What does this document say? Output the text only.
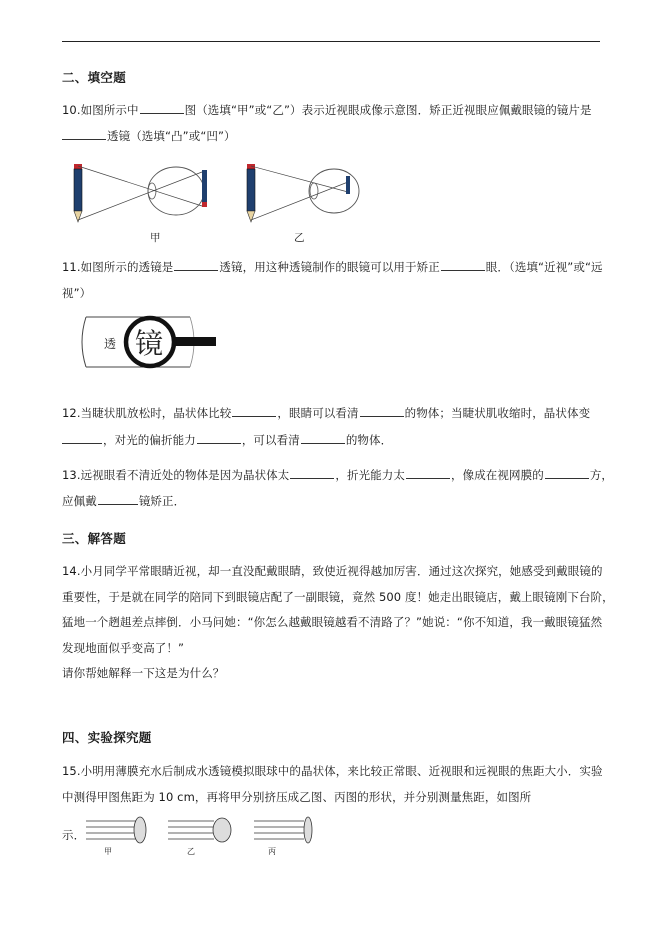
二、填空题
10.如图所示中	图（选填“甲”或“乙”）表示近视眼成像示意图．矫正近视眼应佩戴眼镜的镜片是
透镜（选填“凸”或“凹”）
甲	乙
11.如图所示的透镜是	透镜，用这种透镜制作的眼镜可以用于矫正	眼．（选填“近视”或“远
视”）
透 镜
12.当睫状肌放松时，晶状体比较	，眼睛可以看清	的物体；当睫状肌收缩时，晶状体变
，对光的偏折能力	，可以看清	的物体．
13.远视眼看不清近处的物体是因为晶状体太	，折光能力太	，像成在视网膜的	方，
应佩戴	镜矫正．
三、解答题
14.小月同学平常眼睛近视，却一直没配戴眼睛，致使近视得越加厉害．通过这次探究，她感受到戴眼镜的
重要性，于是就在同学的陪同下到眼镜店配了一副眼镜，竟然 500 度！她走出眼镜店，戴上眼镜刚下台阶，
猛地一个趔趄差点摔倒．小马问她：“你怎么越戴眼镜越看不清路了？”她说：“你不知道，我一戴眼镜猛然
发现地面似乎变高了！”
请你帮她解释一下这是为什么？
四、实验探究题
15.小明用薄膜充水后制成水透镜模拟眼球中的晶状体，来比较正常眼、近视眼和远视眼的焦距大小．实验
中测得甲图焦距为 10 cm，再将甲分别挤压成乙图、丙图的形状，并分别测量焦距，如图所
示．
甲	乙	丙
